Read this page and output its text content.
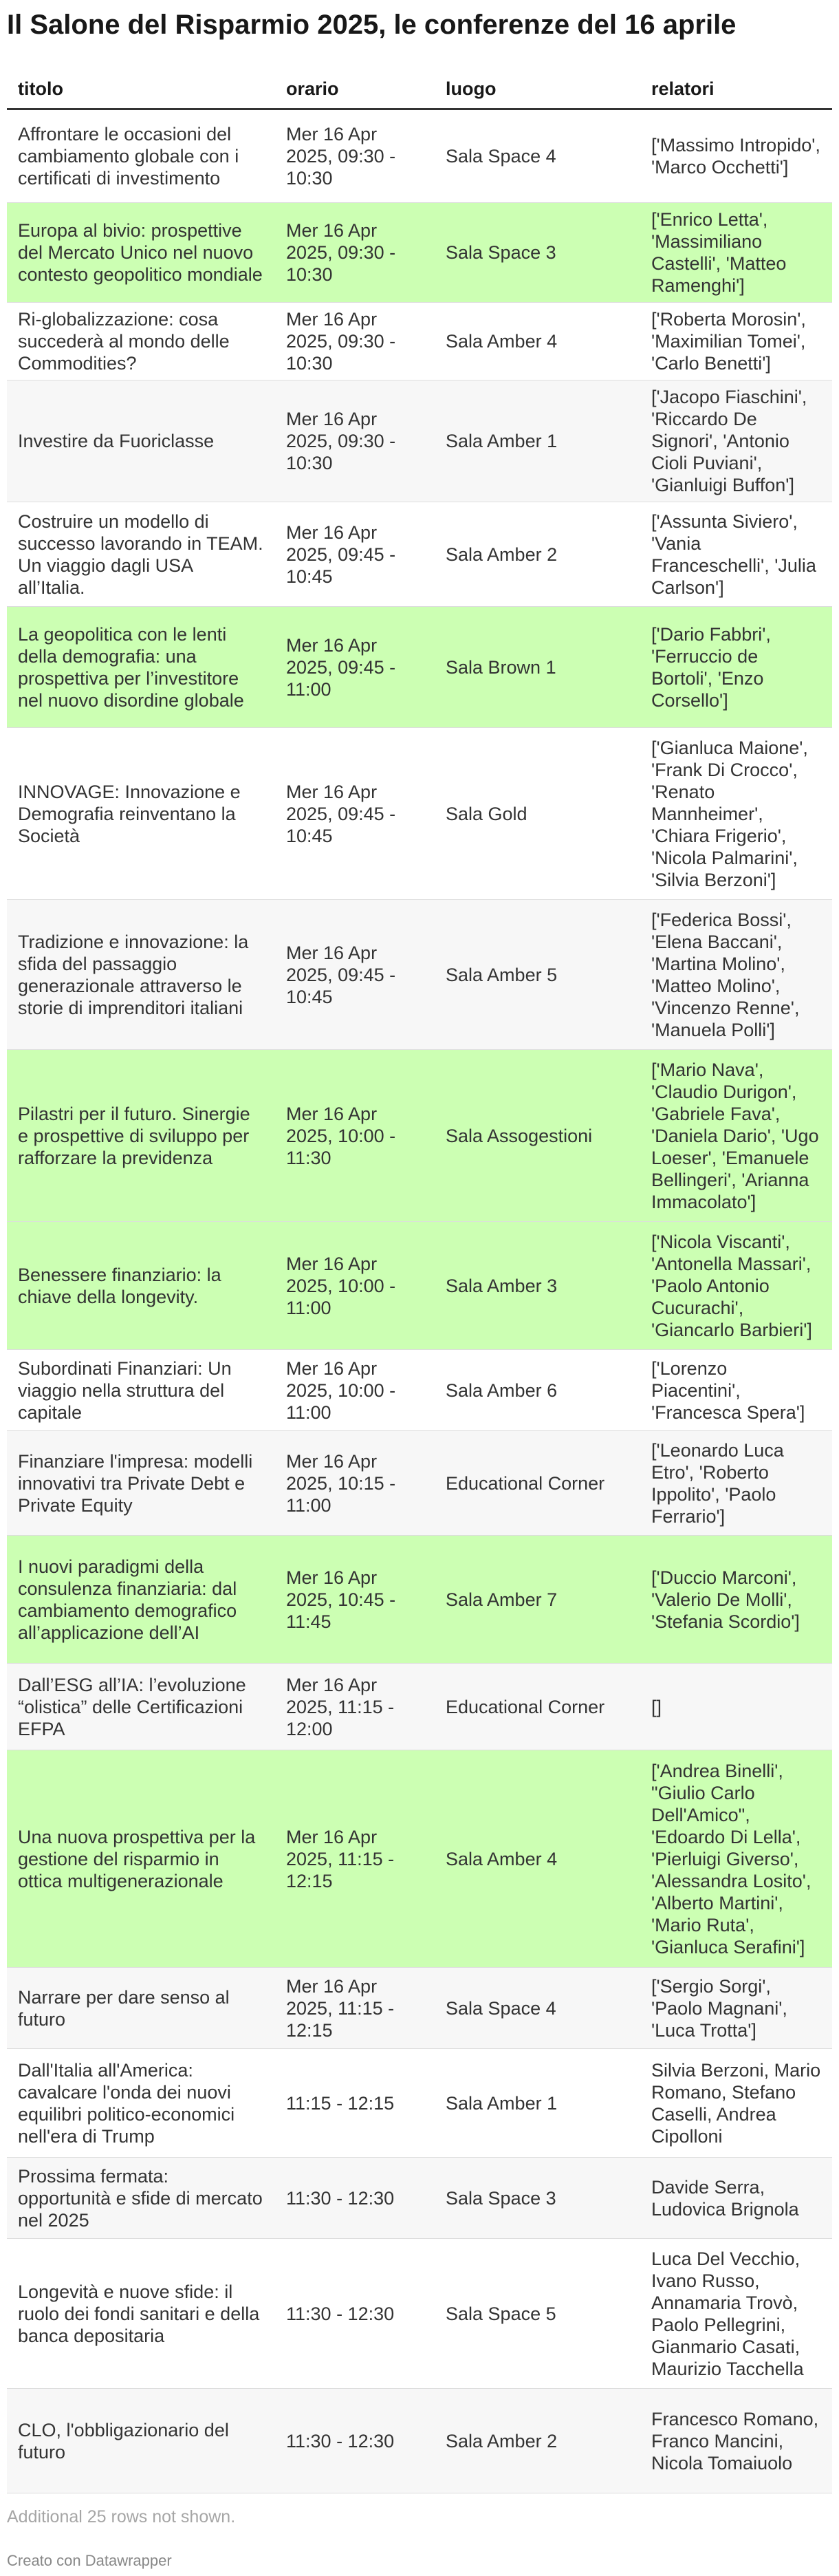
Il Salone del Risparmio 2025, le conferenze del 16 aprile
titolo	orario	luogo	relatori
Affrontare le occasioni del cambiamento globale con i certificati di investimento	Mer 16 Apr 2025, 09:30 - 10:30	Sala Space 4	['Massimo Intropido', 'Marco Occhetti']
Europa al bivio: prospettive del Mercato Unico nel nuovo contesto geopolitico mondiale	Mer 16 Apr 2025, 09:30 - 10:30	Sala Space 3	['Enrico Letta', 'Massimiliano Castelli', 'Matteo Ramenghi']
Ri-globalizzazione: cosa succederà al mondo delle Commodities?	Mer 16 Apr 2025, 09:30 - 10:30	Sala Amber 4	['Roberta Morosin', 'Maximilian Tomei', 'Carlo Benetti']
Investire da Fuoriclasse	Mer 16 Apr 2025, 09:30 - 10:30	Sala Amber 1	['Jacopo Fiaschini', 'Riccardo De Signori', 'Antonio Cioli Puviani', 'Gianluigi Buffon']
Costruire un modello di successo lavorando in TEAM. Un viaggio dagli USA all’Italia.	Mer 16 Apr 2025, 09:45 - 10:45	Sala Amber 2	['Assunta Siviero', 'Vania Franceschelli', 'Julia Carlson']
La geopolitica con le lenti della demografia: una prospettiva per l’investitore nel nuovo disordine globale	Mer 16 Apr 2025, 09:45 - 11:00	Sala Brown 1	['Dario Fabbri', 'Ferruccio de Bortoli', 'Enzo Corsello']
INNOVAGE: Innovazione e Demografia reinventano la Società	Mer 16 Apr 2025, 09:45 - 10:45	Sala Gold	['Gianluca Maione', 'Frank Di Crocco', 'Renato Mannheimer', 'Chiara Frigerio', 'Nicola Palmarini', 'Silvia Berzoni']
Tradizione e innovazione: la sfida del passaggio generazionale attraverso le storie di imprenditori italiani	Mer 16 Apr 2025, 09:45 - 10:45	Sala Amber 5	['Federica Bossi', 'Elena Baccani', 'Martina Molino', 'Matteo Molino', 'Vincenzo Renne', 'Manuela Polli']
Pilastri per il futuro. Sinergie e prospettive di sviluppo per rafforzare la previdenza	Mer 16 Apr 2025, 10:00 - 11:30	Sala Assogestioni	['Mario Nava', 'Claudio Durigon', 'Gabriele Fava', 'Daniela Dario', 'Ugo Loeser', 'Emanuele Bellingeri', 'Arianna Immacolato']
Benessere finanziario: la chiave della longevity.	Mer 16 Apr 2025, 10:00 - 11:00	Sala Amber 3	['Nicola Viscanti', 'Antonella Massari', 'Paolo Antonio Cucurachi', 'Giancarlo Barbieri']
Subordinati Finanziari: Un viaggio nella struttura del capitale	Mer 16 Apr 2025, 10:00 - 11:00	Sala Amber 6	['Lorenzo Piacentini', 'Francesca Spera']
Finanziare l'impresa: modelli innovativi tra Private Debt e Private Equity	Mer 16 Apr 2025, 10:15 - 11:00	Educational Corner	['Leonardo Luca Etro', 'Roberto Ippolito', 'Paolo Ferrario']
I nuovi paradigmi della consulenza finanziaria: dal cambiamento demografico all’applicazione dell’AI	Mer 16 Apr 2025, 10:45 - 11:45	Sala Amber 7	['Duccio Marconi', 'Valerio De Molli', 'Stefania Scordio']
Dall’ESG all’IA: l’evoluzione “olistica” delle Certificazioni EFPA	Mer 16 Apr 2025, 11:15 - 12:00	Educational Corner	[]
Una nuova prospettiva per la gestione del risparmio in ottica multigenerazionale	Mer 16 Apr 2025, 11:15 - 12:15	Sala Amber 4	['Andrea Binelli', "Giulio Carlo Dell'Amico", 'Edoardo Di Lella', 'Pierluigi Giverso', 'Alessandra Losito', 'Alberto Martini', 'Mario Ruta', 'Gianluca Serafini']
Narrare per dare senso al futuro	Mer 16 Apr 2025, 11:15 - 12:15	Sala Space 4	['Sergio Sorgi', 'Paolo Magnani', 'Luca Trotta']
Dall'Italia all'America: cavalcare l'onda dei nuovi equilibri politico-economici nell'era di Trump	11:15 - 12:15	Sala Amber 1	Silvia Berzoni, Mario Romano, Stefano Caselli, Andrea Cipolloni
Prossima fermata: opportunità e sfide di mercato nel 2025	11:30 - 12:30	Sala Space 3	Davide Serra, Ludovica Brignola
Longevità e nuove sfide: il ruolo dei fondi sanitari e della banca depositaria	11:30 - 12:30	Sala Space 5	Luca Del Vecchio, Ivano Russo, Annamaria Trovò, Paolo Pellegrini, Gianmario Casati, Maurizio Tacchella
CLO, l'obbligazionario del futuro	11:30 - 12:30	Sala Amber 2	Francesco Romano, Franco Mancini, Nicola Tomaiuolo
Additional 25 rows not shown.
Creato con Datawrapper
